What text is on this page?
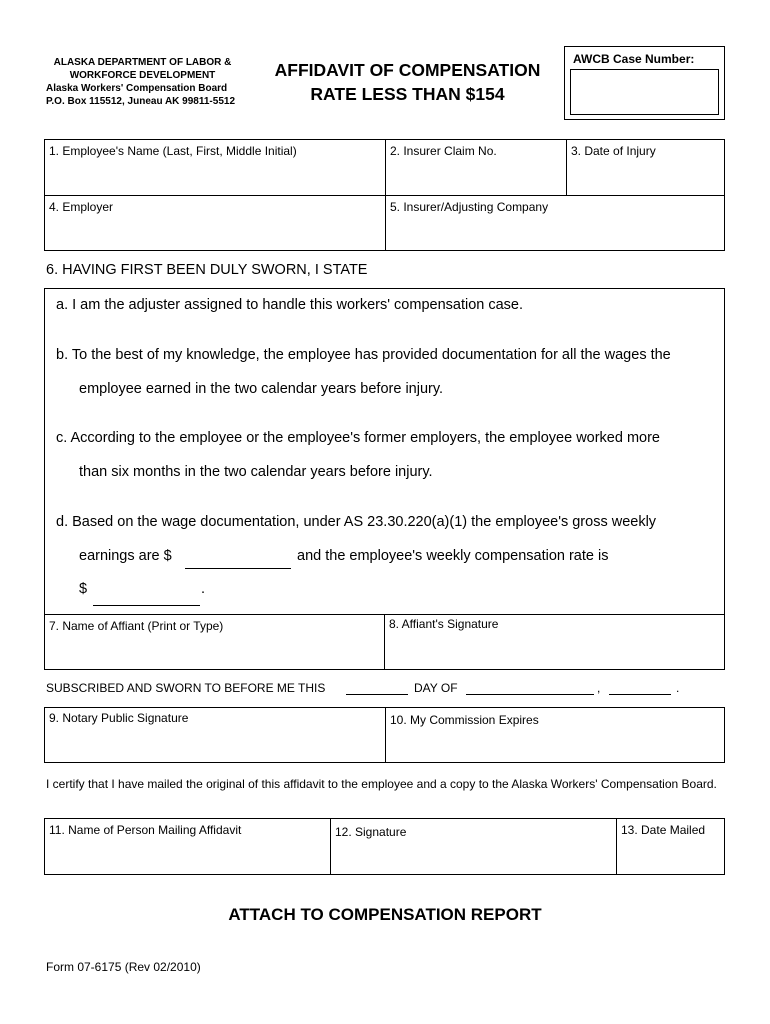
ALASKA DEPARTMENT OF LABOR &
WORKFORCE DEVELOPMENT
Alaska Workers' Compensation Board
P.O. Box 115512, Juneau AK 99811-5512
AFFIDAVIT OF COMPENSATION
RATE LESS THAN $154
AWCB Case Number:
1. Employee's Name (Last, First, Middle Initial)	2. Insurer Claim No.	3. Date of Injury
4. Employer	5. Insurer/Adjusting Company
6. HAVING FIRST BEEN DULY SWORN, I STATE
a. I am the adjuster assigned to handle this workers' compensation case.
b. To the best of my knowledge, the employee has provided documentation for all the wages the
employee earned in the two calendar years before injury.
c. According to the employee or the employee's former employers, the employee worked more
than six months in the two calendar years before injury.
d. Based on the wage documentation, under AS 23.30.220(a)(1) the employee's gross weekly
earnings are $	and the employee's weekly compensation rate is
$	.
7. Name of Affiant (Print or Type)	8. Affiant's Signature
SUBSCRIBED AND SWORN TO BEFORE ME THIS	DAY OF	,	.
9. Notary Public Signature	10. My Commission Expires
I certify that I have mailed the original of this affidavit to the employee and a copy to the Alaska Workers' Compensation Board.
11. Name of Person Mailing Affidavit	12. Signature	13. Date Mailed
ATTACH TO COMPENSATION REPORT
Form 07-6175 (Rev 02/2010)
